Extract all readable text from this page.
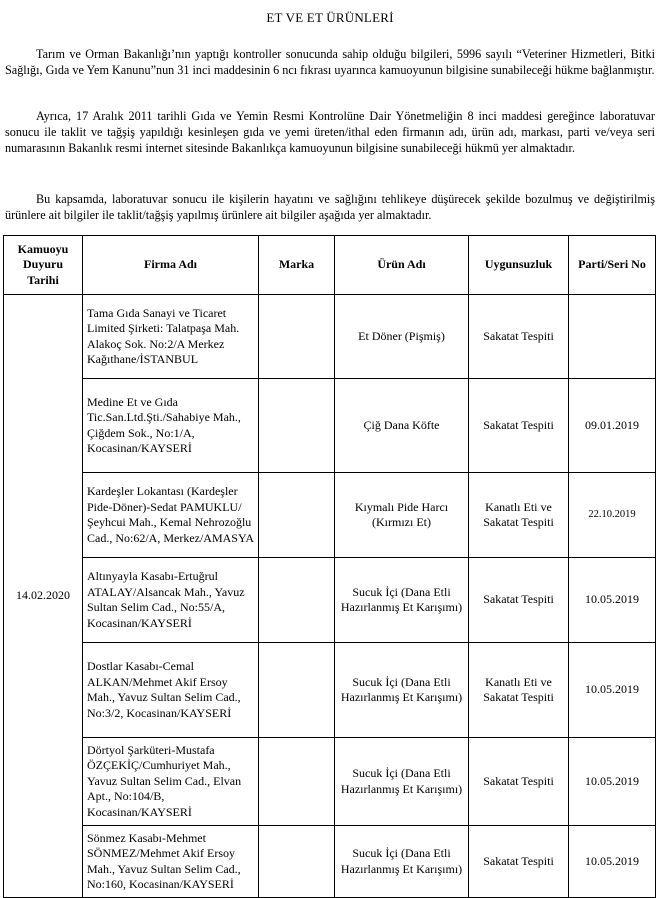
ET VE ET ÜRÜNLERİ

Tarım ve Orman Bakanlığı’nın yaptığı kontroller sonucunda sahip olduğu bilgileri, 5996 sayılı “Veteriner Hizmetleri, Bitki Sağlığı, Gıda ve Yem Kanunu”nun 31 inci maddesinin 6 ncı fıkrası uyarınca kamuoyunun bilgisine sunabileceği hükme bağlanmıştır.

Ayrıca, 17 Aralık 2011 tarihli Gıda ve Yemin Resmi Kontrolüne Dair Yönetmeliğin 8 inci maddesi gereğince laboratuvar sonucu ile taklit ve tağşiş yapıldığı kesinleşen gıda ve yemi üreten/ithal eden firmanın adı, ürün adı, markası, parti ve/veya seri numarasının Bakanlık resmi internet sitesinde Bakanlıkça kamuoyunun bilgisine sunabileceği hükmü yer almaktadır.

Bu kapsamda, laboratuvar sonucu ile kişilerin hayatını ve sağlığını tehlikeye düşürecek şekilde bozulmuş ve değiştirilmiş ürünlere ait bilgiler ile taklit/tağşiş yapılmış ürünlere ait bilgiler aşağıda yer almaktadır.

Kamuoyu Duyuru Tarihi	Firma Adı	Marka	Ürün Adı	Uygunsuzluk	Parti/Seri No
14.02.2020	Tama Gıda Sanayi ve Ticaret Limited Şirketi: Talatpaşa Mah. Alakoç Sok. No:2/A Merkez Kağıthane/İSTANBUL		Et Döner (Pişmiş)	Sakatat Tespiti	
	Medine Et ve Gıda Tic.San.Ltd.Şti./Sahabiye Mah., Çiğdem Sok., No:1/A, Kocasinan/KAYSERİ		Çiğ Dana Köfte	Sakatat Tespiti	09.01.2019
	Kardeşler Lokantası (Kardeşler Pide-Döner)-Sedat PAMUKLU/Şeyhcui Mah., Kemal Nehrozoğlu Cad., No:62/A, Merkez/AMASYA		Kıymalı Pide Harcı (Kırmızı Et)	Kanatlı Eti ve Sakatat Tespiti	22.10.2019
	Altınyayla Kasabı-Ertuğrul ATALAY/Alsancak Mah., Yavuz Sultan Selim Cad., No:55/A, Kocasinan/KAYSERİ		Sucuk İçi (Dana Etli Hazırlanmış Et Karışımı)	Sakatat Tespiti	10.05.2019
	Dostlar Kasabı-Cemal ALKAN/Mehmet Akif Ersoy Mah., Yavuz Sultan Selim Cad., No:3/2, Kocasinan/KAYSERİ		Sucuk İçi (Dana Etli Hazırlanmış Et Karışımı)	Kanatlı Eti ve Sakatat Tespiti	10.05.2019
	Dörtyol Şarküteri-Mustafa ÖZÇEKİÇ/Cumhuriyet Mah., Yavuz Sultan Selim Cad., Elvan Apt., No:104/B, Kocasinan/KAYSERİ		Sucuk İçi (Dana Etli Hazırlanmış Et Karışımı)	Sakatat Tespiti	10.05.2019
	Sönmez Kasabı-Mehmet SÖNMEZ/Mehmet Akif Ersoy Mah., Yavuz Sultan Selim Cad., No:160, Kocasinan/KAYSERİ		Sucuk İçi (Dana Etli Hazırlanmış Et Karışımı)	Sakatat Tespiti	10.05.2019
